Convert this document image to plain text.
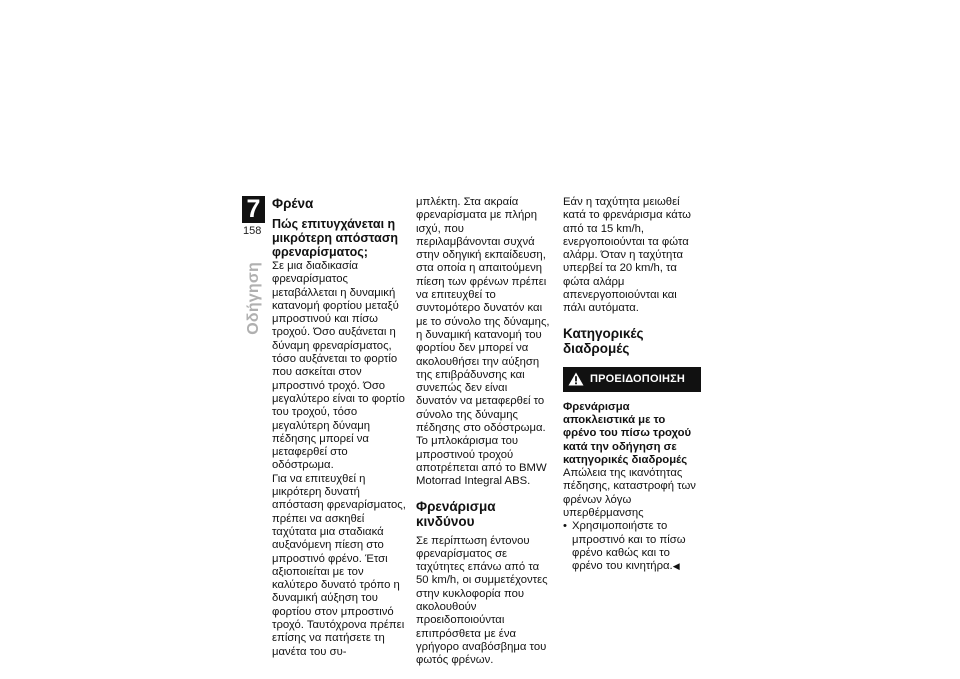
7
158
Οδήγηση
Φρένα
Πώς επιτυγχάνεται η μικρότερη απόσταση φρεναρίσματος;

Σε μια διαδικασία φρεναρίσματος μεταβάλλεται η δυναμική κατανομή φορτίου μεταξύ μπροστινού και πίσω τροχού. Όσο αυξάνεται η δύναμη φρεναρίσματος, τόσο αυξάνεται το φορτίο που ασκείται στον μπροστινό τροχό. Όσο μεγαλύτερο είναι το φορτίο του τροχού, τόσο μεγαλύτερη δύναμη πέδησης μπορεί να μεταφερθεί στο οδόστρωμα.

Για να επιτευχθεί η μικρότερη δυνατή απόσταση φρεναρίσματος, πρέπει να ασκηθεί ταχύτατα μια σταδιακά αυξανόμενη πίεση στο μπροστινό φρένο. Έτσι αξιοποιείται με τον καλύτερο δυνατό τρόπο η δυναμική αύξηση του φορτίου στον μπροστινό τροχό. Ταυτόχρονα πρέπει επίσης να πατήσετε τη μανέτα του συ-

μπλέκτη. Στα ακραία φρεναρίσματα με πλήρη ισχύ, που περιλαμβάνονται συχνά στην οδηγική εκπαίδευση, στα οποία η απαιτούμενη πίεση των φρένων πρέπει να επιτευχθεί το συντομότερο δυνατόν και με το σύνολο της δύναμης, η δυναμική κατανομή του φορτίου δεν μπορεί να ακολουθήσει την αύξηση της επιβράδυνσης και συνεπώς δεν είναι δυνατόν να μεταφερθεί το σύνολο της δύναμης πέδησης στο οδόστρωμα.

Το μπλοκάρισμα του μπροστινού τροχού αποτρέπεται από το BMW Motorrad Integral ABS.

Φρενάρισμα κινδύνου

Σε περίπτωση έντονου φρεναρίσματος σε ταχύτητες επάνω από τα 50 km/h, οι συμμετέχοντες στην κυκλοφορία που ακολουθούν προειδοποιούνται επιπρόσθετα με ένα γρήγορο αναβόσβημα του φωτός φρένων.

Εάν η ταχύτητα μειωθεί κατά το φρενάρισμα κάτω από τα 15 km/h, ενεργοποιούνται τα φώτα αλάρμ. Όταν η ταχύτητα υπερβεί τα 20 km/h, τα φώτα αλάρμ απενεργοποιούνται και πάλι αυτόματα.

Κατηγορικές διαδρομές
ΠΡΟΕΙΔΟΠΟΙΗΣΗ
Φρενάρισμα αποκλειστικά με το φρένο του πίσω τροχού κατά την οδήγηση σε κατηγορικές διαδρομές

Απώλεια της ικανότητας πέδησης, καταστροφή των φρένων λόγω υπερθέρμανσης

• Χρησιμοποιήστε το μπροστινό και το πίσω φρένο καθώς και το φρένο του κινητήρα.◀
